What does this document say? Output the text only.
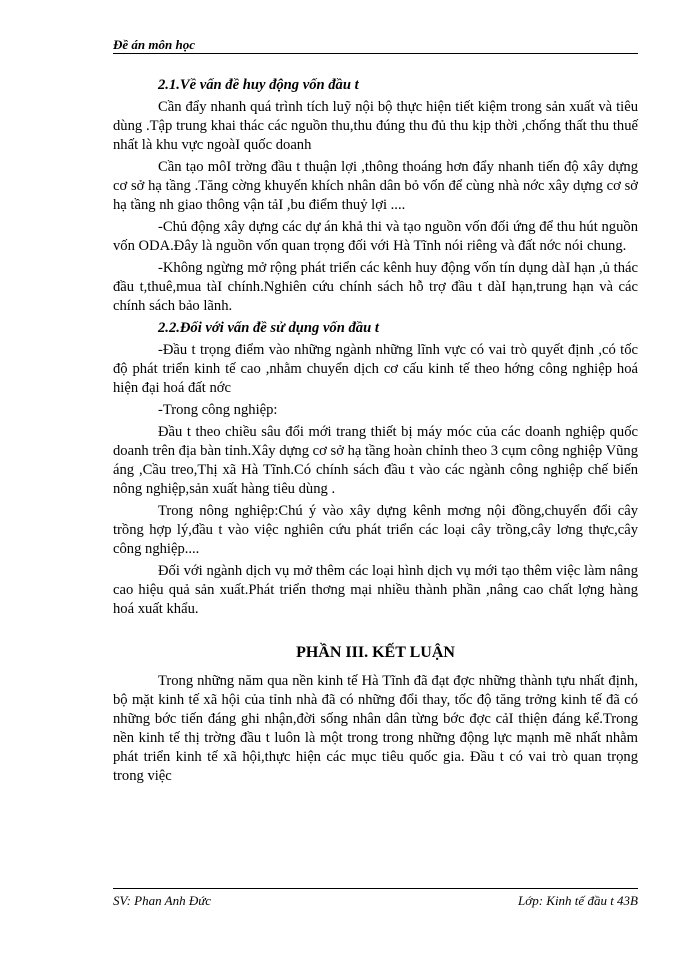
Đề án môn học

2.1.Về vấn đề huy động vốn đầu t

Cần đẩy nhanh quá trình tích luỹ nội bộ thực hiện tiết kiệm trong sản xuất và tiêu dùng .Tập trung khai thác các nguồn thu,thu đúng thu đủ thu kịp thời ,chống thất thu thuế nhất là khu vực ngoàI quốc doanh

Cần tạo môI trờng đầu t thuận lợi ,thông thoáng hơn đẩy nhanh tiến độ xây dựng cơ sở hạ tầng .Tăng cờng khuyến khích nhân dân bỏ vốn để cùng nhà nớc xây dựng cơ sở hạ tầng nh giao thông vận tảI ,bu điểm thuỷ lợi ....

-Chủ động xây dựng các dự án khả thi và tạo nguồn vốn đối ứng để thu hút nguồn vốn ODA.Đây là nguồn vốn quan trọng đối với Hà Tĩnh nói riêng và đất nớc nói chung.

-Không ngừng mở rộng phát triển các kênh huy động vốn tín dụng dàI hạn ,ủ thác đầu t,thuê,mua tàI chính.Nghiên cứu chính sách hỗ trợ đầu t dàI hạn,trung hạn và các chính sách bảo lãnh.

2.2.Đối với vấn đề sử dụng vốn đầu t

-Đầu t trọng điểm vào những ngành những lĩnh vực có vai trò quyết định ,có tốc độ phát triển kinh tế cao ,nhằm chuyển dịch cơ cấu kinh tế theo hớng công nghiệp hoá hiện đại hoá đất nớc

-Trong công nghiệp:

Đầu t theo chiều sâu đổi mới trang thiết bị máy móc của các doanh nghiệp quốc doanh trên địa bàn tỉnh.Xây dựng cơ sở hạ tầng hoàn chỉnh theo 3 cụm công nghiệp Vũng áng ,Cầu treo,Thị xã Hà Tĩnh.Có chính sách đầu t vào các ngành công nghiệp chế biến nông nghiệp,sản xuất hàng tiêu dùng .

Trong nông nghiệp:Chú ý vào xây dựng kênh mơng nội đồng,chuyển đổi cây trồng hợp lý,đầu t vào việc nghiên cứu phát triển các loại cây trồng,cây lơng thực,cây công nghiệp....

Đối với ngành dịch vụ mở thêm các loại hình dịch vụ mới tạo thêm việc làm nâng cao hiệu quả sản xuất.Phát triển thơng mại nhiều thành phần ,nâng cao chất lợng hàng hoá xuất khẩu.

PHẦN III. KẾT LUẬN

Trong những năm qua nền kinh tế Hà Tĩnh đã đạt đợc những thành tựu nhất định, bộ mặt kinh tế xã hội của tỉnh nhà đã có những đổi thay, tốc độ tăng trởng kinh tế đã có những bớc tiến đáng ghi nhận,đời sống nhân dân từng bớc đợc cảI thiện đáng kể.Trong nền kinh tế thị trờng đầu t luôn là một trong trong những động lực mạnh mẽ nhất nhằm phát triển kinh tế xã hội,thực hiện các mục tiêu quốc gia. Đầu t có vai trò quan trọng trong việc

SV: Phan Anh Đức	Lớp: Kinh tế đầu t 43B
